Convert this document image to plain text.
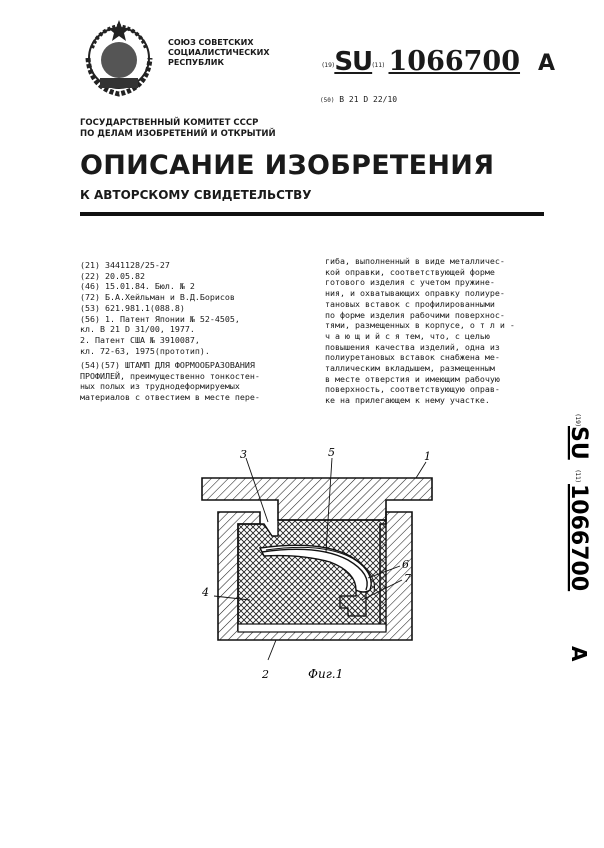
СОЮЗ СОВЕТСКИХ
СОЦИАЛИСТИЧЕСКИХ
РЕСПУБЛИК	(19)SU(11) 1066700 A
(50) В 21 D 22/10
ГОСУДАРСТВЕННЫЙ КОМИТЕТ СССР
ПО ДЕЛАМ ИЗОБРЕТЕНИЙ И ОТКРЫТИЙ
ОПИСАНИЕ ИЗОБРЕТЕНИЯ
К АВТОРСКОМУ СВИДЕТЕЛЬСТВУ
(21) 3441128/25-27
(22) 20.05.82
(46) 15.01.84. Бюл. № 2
(72) Б.А.Хейльман и В.Д.Борисов
(53) 621.981.1(088.8)
(56) 1. Патент Японии № 52-4505,
кл. В 21 D 31/00, 1977.
2. Патент США № 3910087,
кл. 72-63, 1975(прототип).
(54)(57) ШТАМП ДЛЯ ФОРМООБРАЗОВАНИЯ
ПРОФИЛЕЙ, преимущественно тонкостен-
ных полых из труднодеформируемых
материалов с отвестием в месте пере-
гиба, выполненный в виде металличес-
кой оправки, соответствующей форме
готового изделия с учетом пружине-
ния, и охватывающих оправку полиуре-
тановых вставок с профилированными
по форме изделия рабочими поверхнос-
тями, размещенных в корпусе, о т л и -
ч а ю щ и й с я тем, что, с целью
повышения качества изделий, одна из
полиуретановых вставок снабжена ме-
таллическим вкладышем, размещенным
в месте отверстия и имеющим рабочую
поверхность, соответствующую оправ-
ке на прилегающем к нему участке.
(19)
SU
(11)
1066700
A
1
2
3
4
5
6
7
Фиг.1
